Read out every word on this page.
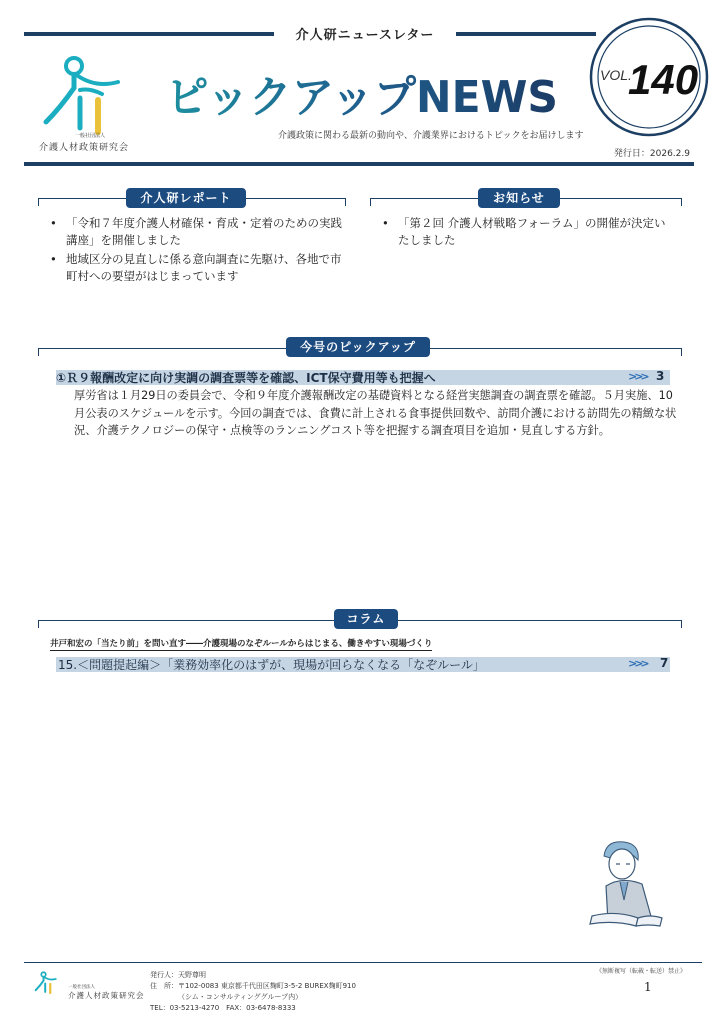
介人研ニュースレター
一般社団法人
介護人材政策研究会
ピックアップNEWS
介護政策に関わる最新の動向や、介護業界におけるトピックをお届けします
発行日：2026.2.9
VOL.
140
介人研レポート
• 「令和７年度介護人材確保・育成・定着のための実践講座」を開催しました
• 地域区分の見直しに係る意向調査に先駆け、各地で市町村への要望がはじまっています
お知らせ
• 「第２回 介護人材戦略フォーラム」の開催が決定いたしました
今号のピックアップ
①Ｒ９報酬改定に向け実調の調査票等を確認、ICT保守費用等も把握へ	>>> 3
厚労省は１月29日の委員会で、令和９年度介護報酬改定の基礎資料となる経営実態調査の調査票を確認。５月実施、10月公表のスケジュールを示す。今回の調査では、食費に計上される食事提供回数や、訪問介護における訪問先の精緻な状況、介護テクノロジーの保守・点検等のランニングコスト等を把握する調査項目を追加・見直しする方針。
コラム
井戸和宏の「当たり前」を問い直す――介護現場のなぞルールからはじまる、働きやすい現場づくり
15.＜問題提起編＞「業務効率化のはずが、現場が回らなくなる「なぞルール」	>>> 7
一般社団法人
介護人材政策研究会
発行人：天野尊明
住　所：〒102-0083 東京都千代田区麹町3-5-2 BUREX麹町910
（シム・コンサルティンググループ内）
TEL：03-5213-4270　FAX：03-6478-8333
《無断複写（転載・転送）禁止》
1
